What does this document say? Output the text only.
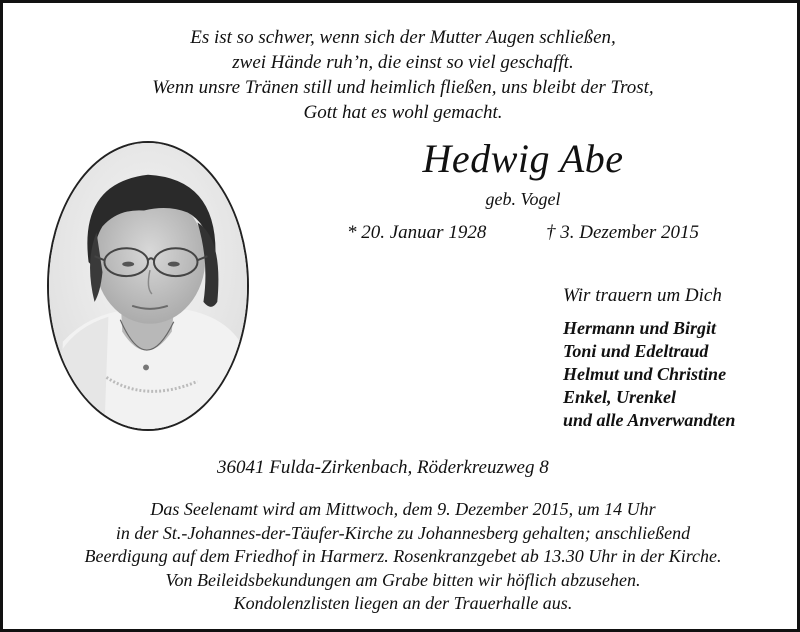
Es ist so schwer, wenn sich der Mutter Augen schließen,
zwei Hände ruh’n, die einst so viel geschafft.
Wenn unsre Tränen still und heimlich fließen, uns bleibt der Trost,
Gott hat es wohl gemacht.
Hedwig Abe
geb. Vogel
* 20. Januar 1928	† 3. Dezember 2015
Wir trauern um Dich
Hermann und Birgit
Toni und Edeltraud
Helmut und Christine
Enkel, Urenkel
und alle Anverwandten
36041 Fulda-Zirkenbach, Röderkreuzweg 8
Das Seelenamt wird am Mittwoch, dem 9. Dezember 2015, um 14 Uhr
in der St.-Johannes-der-Täufer-Kirche zu Johannesberg gehalten; anschließend
Beerdigung auf dem Friedhof in Harmerz. Rosenkranzgebet ab 13.30 Uhr in der Kirche.
Von Beileidsbekundungen am Grabe bitten wir höflich abzusehen.
Kondolenzlisten liegen an der Trauerhalle aus.
